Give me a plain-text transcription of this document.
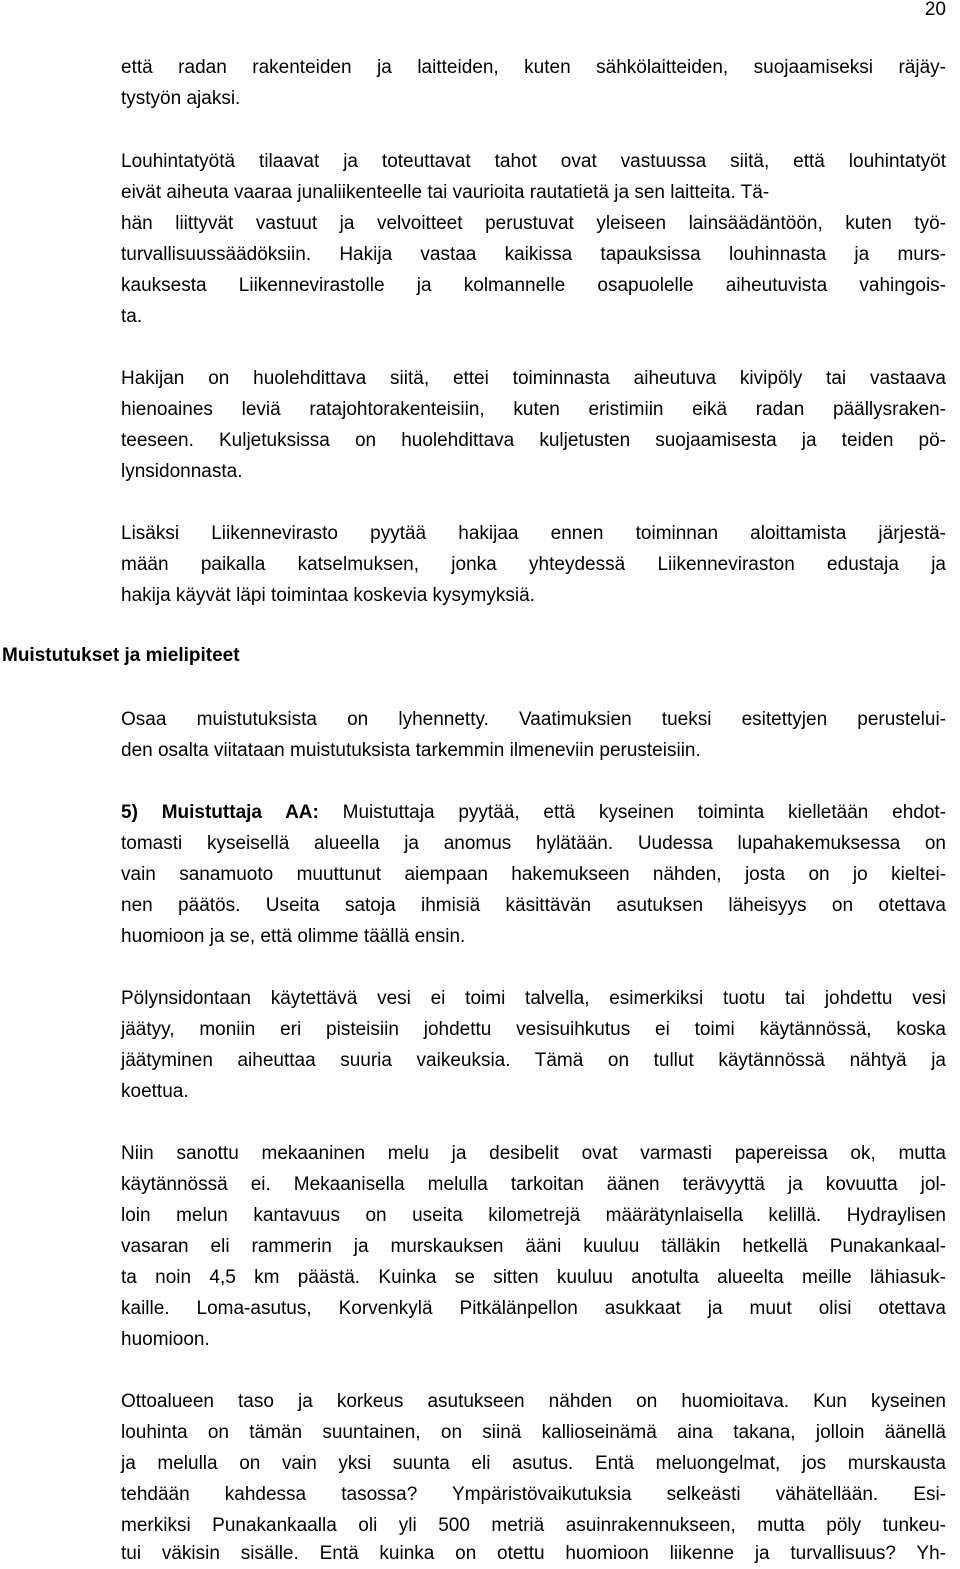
20
että radan rakenteiden ja laitteiden, kuten sähkölaitteiden, suojaamiseksi räjäy-
tystyön ajaksi.
Louhintatyötä tilaavat ja toteuttavat tahot ovat vastuussa siitä, että louhintatyöt
eivät aiheuta vaaraa junaliikenteelle tai vaurioita rautatietä ja sen laitteita. Tä-
hän liittyvät vastuut ja velvoitteet perustuvat yleiseen lainsäädäntöön, kuten työ-
turvallisuussäädöksiin. Hakija vastaa kaikissa tapauksissa louhinnasta ja murs-
kauksesta Liikennevirastolle ja kolmannelle osapuolelle aiheutuvista vahingois-
ta.
Hakijan on huolehdittava siitä, ettei toiminnasta aiheutuva kivipöly tai vastaava
hienoaines leviä ratajohtorakenteisiin, kuten eristimiin eikä radan päällysraken-
teeseen. Kuljetuksissa on huolehdittava kuljetusten suojaamisesta ja teiden pö-
lynsidonnasta.
Lisäksi Liikennevirasto pyytää hakijaa ennen toiminnan aloittamista järjestä-
mään paikalla katselmuksen, jonka yhteydessä Liikenneviraston edustaja ja
hakija käyvät läpi toimintaa koskevia kysymyksiä.
Muistutukset ja mielipiteet
Osaa muistutuksista on lyhennetty. Vaatimuksien tueksi esitettyjen perustelui-
den osalta viitataan muistutuksista tarkemmin ilmeneviin perusteisiin.
5) Muistuttaja AA: Muistuttaja pyytää, että kyseinen toiminta kielletään ehdot-
tomasti kyseisellä alueella ja anomus hylätään. Uudessa lupahakemuksessa on
vain sanamuoto muuttunut aiempaan hakemukseen nähden, josta on jo kieltei-
nen päätös. Useita satoja ihmisiä käsittävän asutuksen läheisyys on otettava
huomioon ja se, että olimme täällä ensin.
Pölynsidontaan käytettävä vesi ei toimi talvella, esimerkiksi tuotu tai johdettu vesi
jäätyy, moniin eri pisteisiin johdettu vesisuihkutus ei toimi käytännössä, koska
jäätyminen aiheuttaa suuria vaikeuksia. Tämä on tullut käytännössä nähtyä ja
koettua.
Niin sanottu mekaaninen melu ja desibelit ovat varmasti papereissa ok, mutta
käytännössä ei. Mekaanisella melulla tarkoitan äänen terävyyttä ja kovuutta jol-
loin melun kantavuus on useita kilometrejä määrätynlaisella kelillä. Hydraylisen
vasaran eli rammerin ja murskauksen ääni kuuluu tälläkin hetkellä Punakankaal-
ta noin 4,5 km päästä. Kuinka se sitten kuuluu anotulta alueelta meille lähiasuk-
kaille. Loma-asutus, Korvenkylä Pitkälänpellon asukkaat ja muut olisi otettava
huomioon.
Ottoalueen taso ja korkeus asutukseen nähden on huomioitava. Kun kyseinen
louhinta on tämän suuntainen, on siinä kallioseinämä aina takana, jolloin äänellä
ja melulla on vain yksi suunta eli asutus. Entä meluongelmat, jos murskausta
tehdään kahdessa tasossa? Ympäristövaikutuksia selkeästi vähätellään. Esi-
merkiksi Punakankaalla oli yli 500 metriä asuinrakennukseen, mutta pöly tunkeu-
tui väkisin sisälle. Entä kuinka on otettu huomioon liikenne ja turvallisuus? Yh-
